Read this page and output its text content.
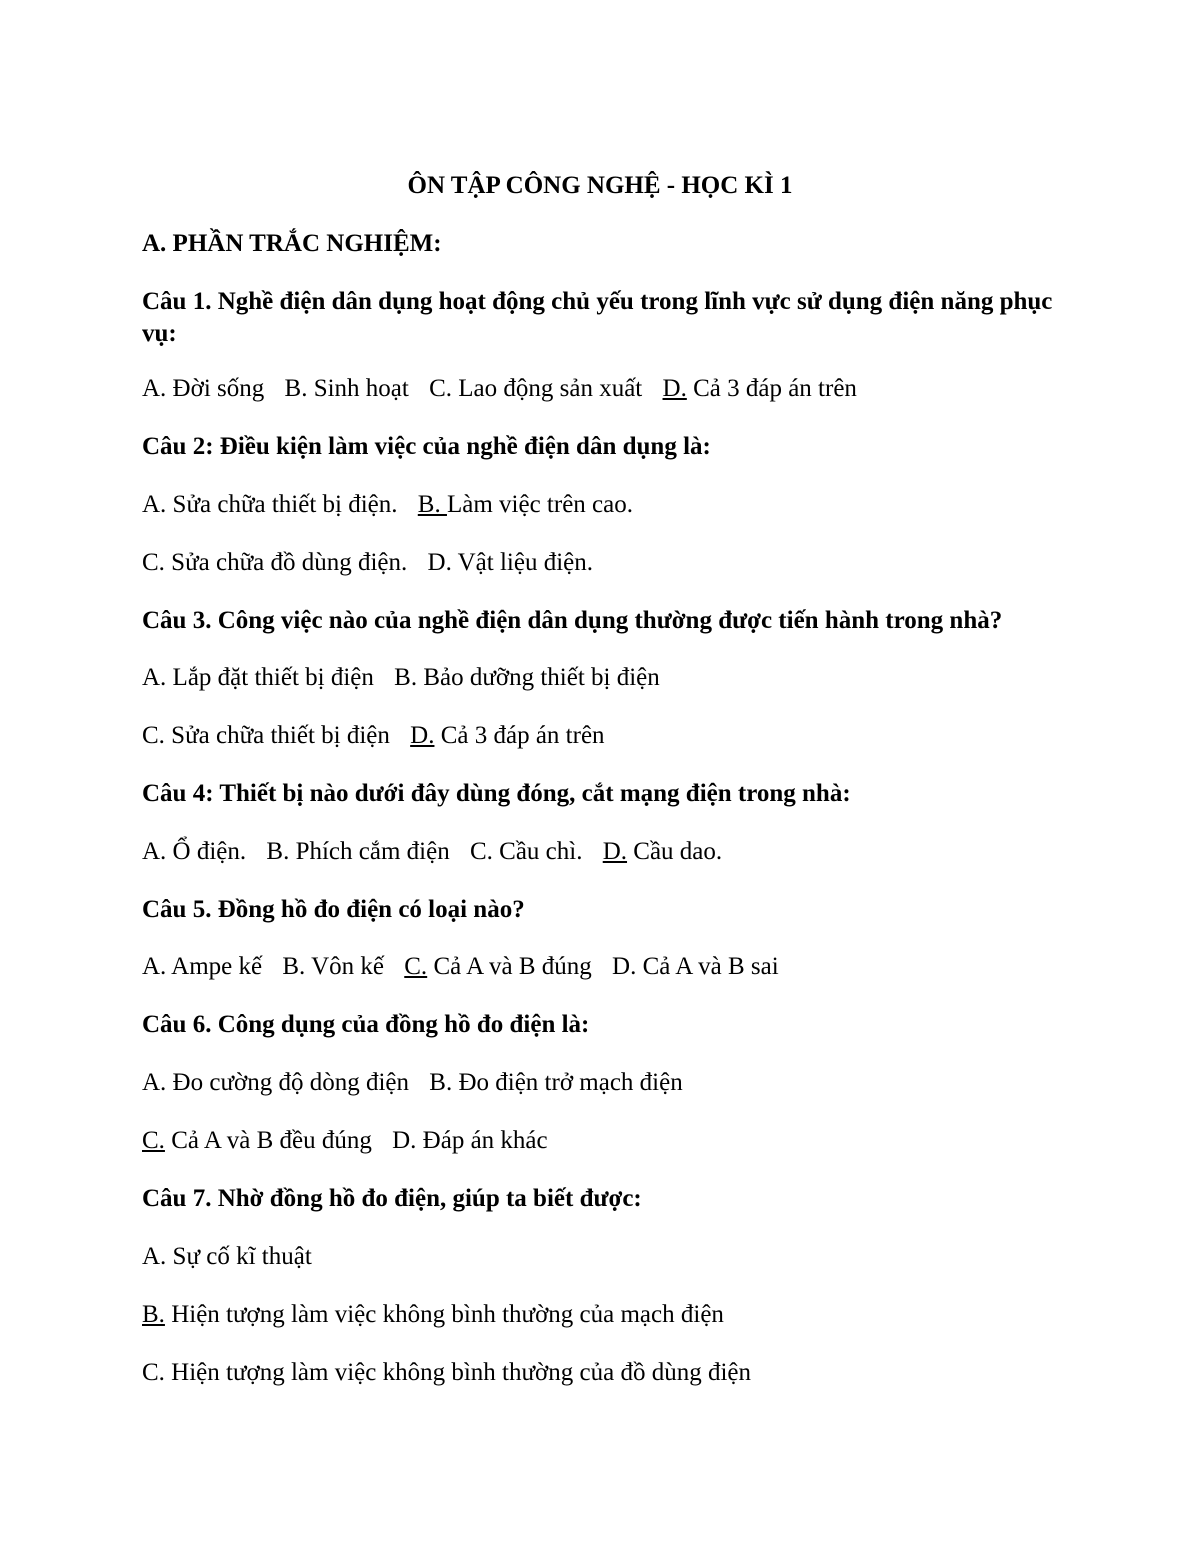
ÔN TẬP CÔNG NGHỆ - HỌC KÌ 1
A. PHẦN TRẮC NGHIỆM:
Câu 1. Nghề điện dân dụng hoạt động chủ yếu trong lĩnh vực sử dụng điện năng phục vụ:
A. Đời sống B. Sinh hoạt C. Lao động sản xuất D. Cả 3 đáp án trên
Câu 2: Điều kiện làm việc của nghề điện dân dụng là:
A. Sửa chữa thiết bị điện. B. Làm việc trên cao.
C. Sửa chữa đồ dùng điện. D. Vật liệu điện.
Câu 3. Công việc nào của nghề điện dân dụng thường được tiến hành trong nhà?
A. Lắp đặt thiết bị điện B. Bảo dưỡng thiết bị điện
C. Sửa chữa thiết bị điện D. Cả 3 đáp án trên
Câu 4: Thiết bị nào dưới đây dùng đóng, cắt mạng điện trong nhà:
A. Ổ điện. B. Phích cắm điện C. Cầu chì. D. Cầu dao.
Câu 5. Đồng hồ đo điện có loại nào?
A. Ampe kế B. Vôn kế C. Cả A và B đúng D. Cả A và B sai
Câu 6. Công dụng của đồng hồ đo điện là:
A. Đo cường độ dòng điện B. Đo điện trở mạch điện
C. Cả A và B đều đúng D. Đáp án khác
Câu 7. Nhờ đồng hồ đo điện, giúp ta biết được:
A. Sự cố kĩ thuật
B. Hiện tượng làm việc không bình thường của mạch điện
C. Hiện tượng làm việc không bình thường của đồ dùng điện
